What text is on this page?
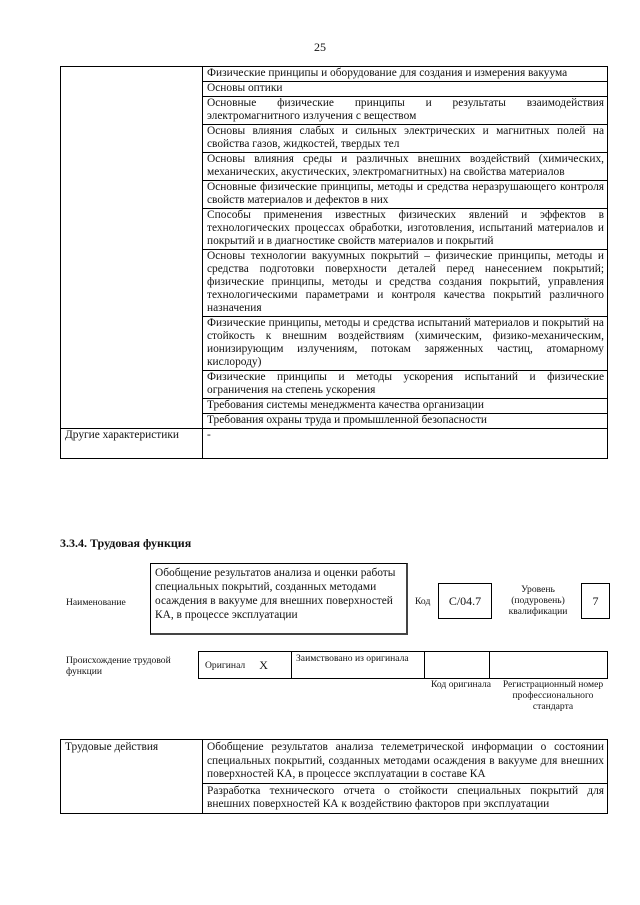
25
	Физические принципы и оборудование для создания и измерения вакуума
	Основы оптики
	Основные физические принципы и результаты взаимодействия электромагнитного излучения с веществом
	Основы влияния слабых и сильных электрических и магнитных полей на свойства газов, жидкостей, твердых тел
	Основы влияния среды и различных внешних воздействий (химических, механических, акустических, электромагнитных) на свойства материалов
	Основные физические принципы, методы и средства неразрушающего контроля свойств материалов и дефектов в них
	Способы применения известных физических явлений и эффектов в технологических процессах обработки, изготовления, испытаний материалов и покрытий и в диагностике свойств материалов и покрытий
	Основы технологии вакуумных покрытий – физические принципы, методы и средства подготовки поверхности деталей перед нанесением покрытий; физические принципы, методы и средства создания покрытий, управления технологическими параметрами и контроля качества покрытий различного назначения
	Физические принципы, методы и средства испытаний материалов и покрытий на стойкость к внешним воздействиям (химическим, физико-механическим, ионизирующим излучениям, потокам заряженных частиц, атомарному кислороду)
	Физические принципы и методы ускорения испытаний и физические ограничения на степень ускорения
	Требования системы менеджмента качества организации
	Требования охраны труда и промышленной безопасности
Другие характеристики	-
3.3.4. Трудовая функция
Наименование
Обобщение результатов анализа и оценки работы специальных покрытий, созданных методами осаждения в вакууме для внешних поверхностей КА, в процессе эксплуатации
Код	C/04.7
Уровень (подуровень) квалификации
7
Происхождение трудовой функции
Оригинал X	Заимствовано из оригинала
Код оригинала	Регистрационный номер профессионального стандарта
Трудовые действия	Обобщение результатов анализа телеметрической информации о состоянии специальных покрытий, созданных методами осаждения в вакууме для внешних поверхностей КА, в процессе эксплуатации в составе КА
Разработка технического отчета о стойкости специальных покрытий для внешних поверхностей КА к воздействию факторов при эксплуатации
